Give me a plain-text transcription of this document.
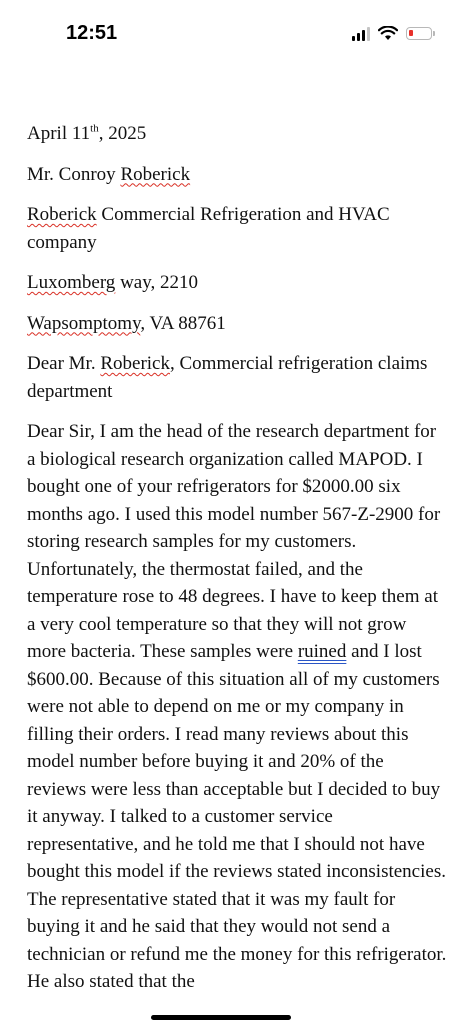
12:51

April 11th, 2025

Mr. Conroy Roberick

Roberick Commercial Refrigeration and HVAC company

Luxomberg way, 2210

Wapsomptomy, VA 88761

Dear Mr. Roberick, Commercial refrigeration claims department

Dear Sir, I am the head of the research department for a biological research organization called MAPOD. I bought one of your refrigerators for $2000.00 six months ago. I used this model number 567-Z-2900 for storing research samples for my customers. Unfortunately, the thermostat failed, and the temperature rose to 48 degrees. I have to keep them at a very cool temperature so that they will not grow more bacteria. These samples were ruined and I lost $600.00. Because of this situation all of my customers were not able to depend on me or my company in filling their orders. I read many reviews about this model number before buying it and 20% of the reviews were less than acceptable but I decided to buy it anyway. I talked to a customer service representative, and he told me that I should not have bought this model if the reviews stated inconsistencies. The representative stated that it was my fault for buying it and he said that they would not send a technician or refund me the money for this refrigerator. He also stated that the
